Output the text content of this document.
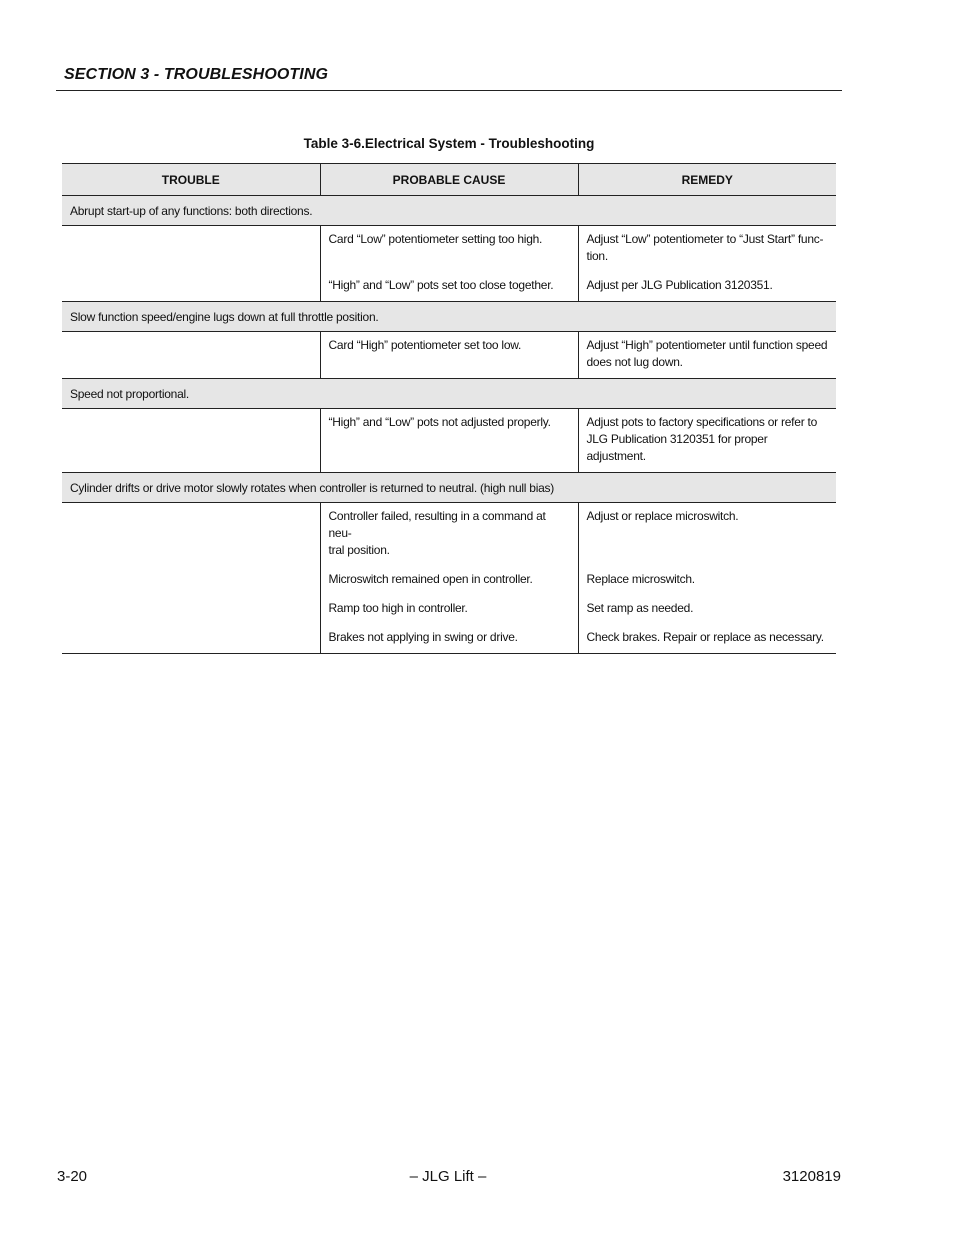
SECTION 3 - TROUBLESHOOTING
Table 3-6.Electrical System - Troubleshooting
TROUBLE	PROBABLE CAUSE	REMEDY
Abrupt start-up of any functions: both directions.		

	Card “Low” potentiometer setting too high.	Adjust “Low” potentiometer to “Just Start” func-
tion.

	“High” and “Low” pots set too close together.	Adjust per JLG Publication 3120351.

Slow function speed/engine lugs down at full throttle position.		

	Card “High” potentiometer set too low.	Adjust “High” potentiometer until function speed
does not lug down.

Speed not proportional.		

	“High” and “Low” pots not adjusted properly.	Adjust pots to factory specifications or refer to
JLG Publication 3120351 for proper adjustment.

Cylinder drifts or drive motor slowly rotates when controller is returned to neutral. (high null bias)		

	Controller failed, resulting in a command at neu-
tral position.	Adjust or replace microswitch.

	Microswitch remained open in controller.	Replace microswitch.

	Ramp too high in controller.	Set ramp as needed.

	Brakes not applying in swing or drive.	Check brakes. Repair or replace as necessary.
3-20	– JLG Lift –	3120819
